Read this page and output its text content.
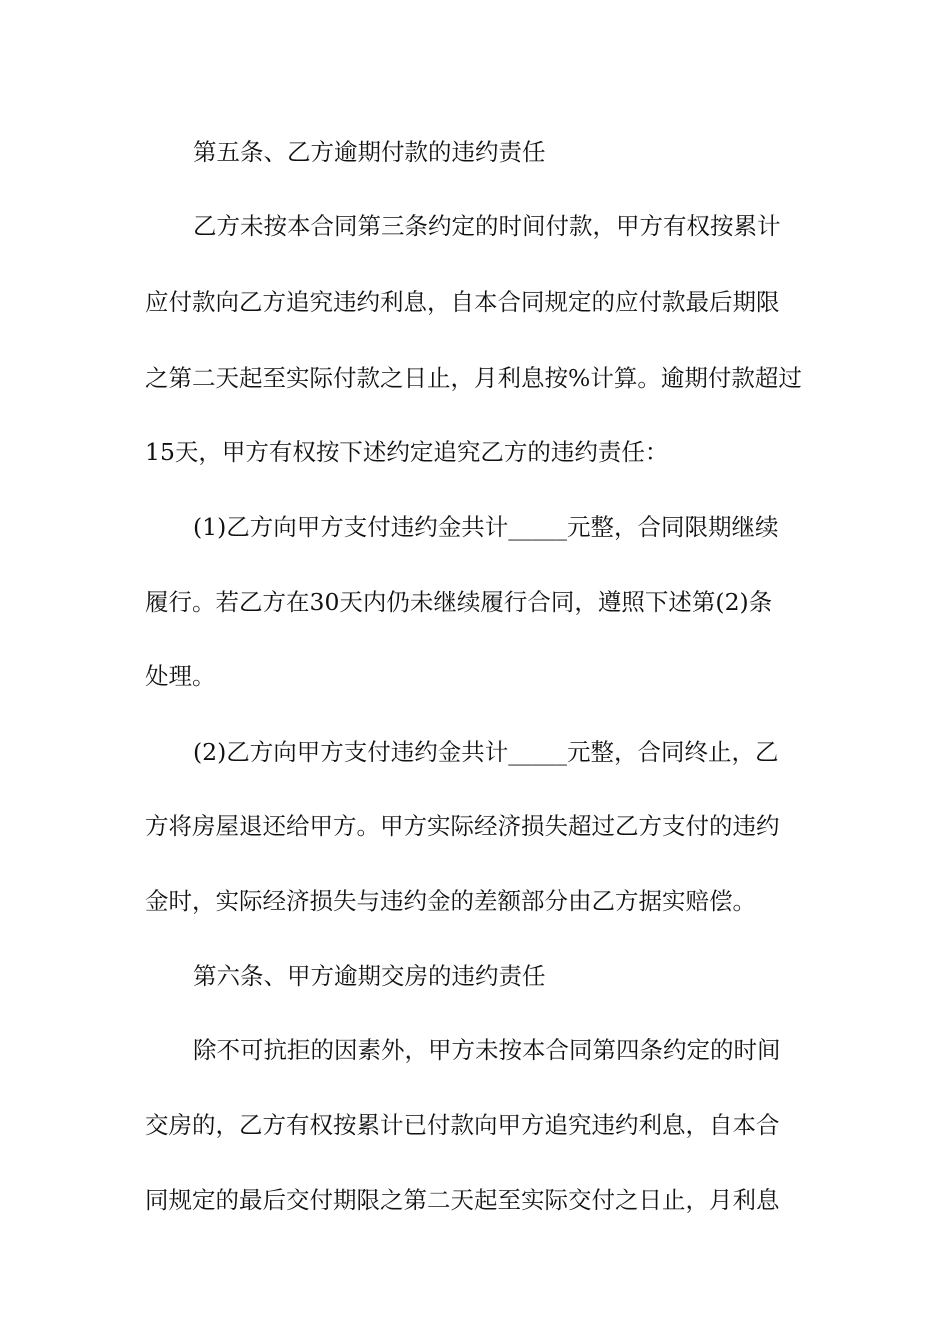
第五条、乙方逾期付款的违约责任
乙方未按本合同第三条约定的时间付款，甲方有权按累计
应付款向乙方追究违约利息，自本合同规定的应付款最后期限
之第二天起至实际付款之日止，月利息按%计算。逾期付款超过
15天，甲方有权按下述约定追究乙方的违约责任：
(1)乙方向甲方支付违约金共计_____元整，合同限期继续
履行。若乙方在30天内仍未继续履行合同，遵照下述第(2)条
处理。
(2)乙方向甲方支付违约金共计_____元整，合同终止，乙
方将房屋退还给甲方。甲方实际经济损失超过乙方支付的违约
金时，实际经济损失与违约金的差额部分由乙方据实赔偿。
第六条、甲方逾期交房的违约责任
除不可抗拒的因素外，甲方未按本合同第四条约定的时间
交房的，乙方有权按累计已付款向甲方追究违约利息，自本合
同规定的最后交付期限之第二天起至实际交付之日止，月利息
